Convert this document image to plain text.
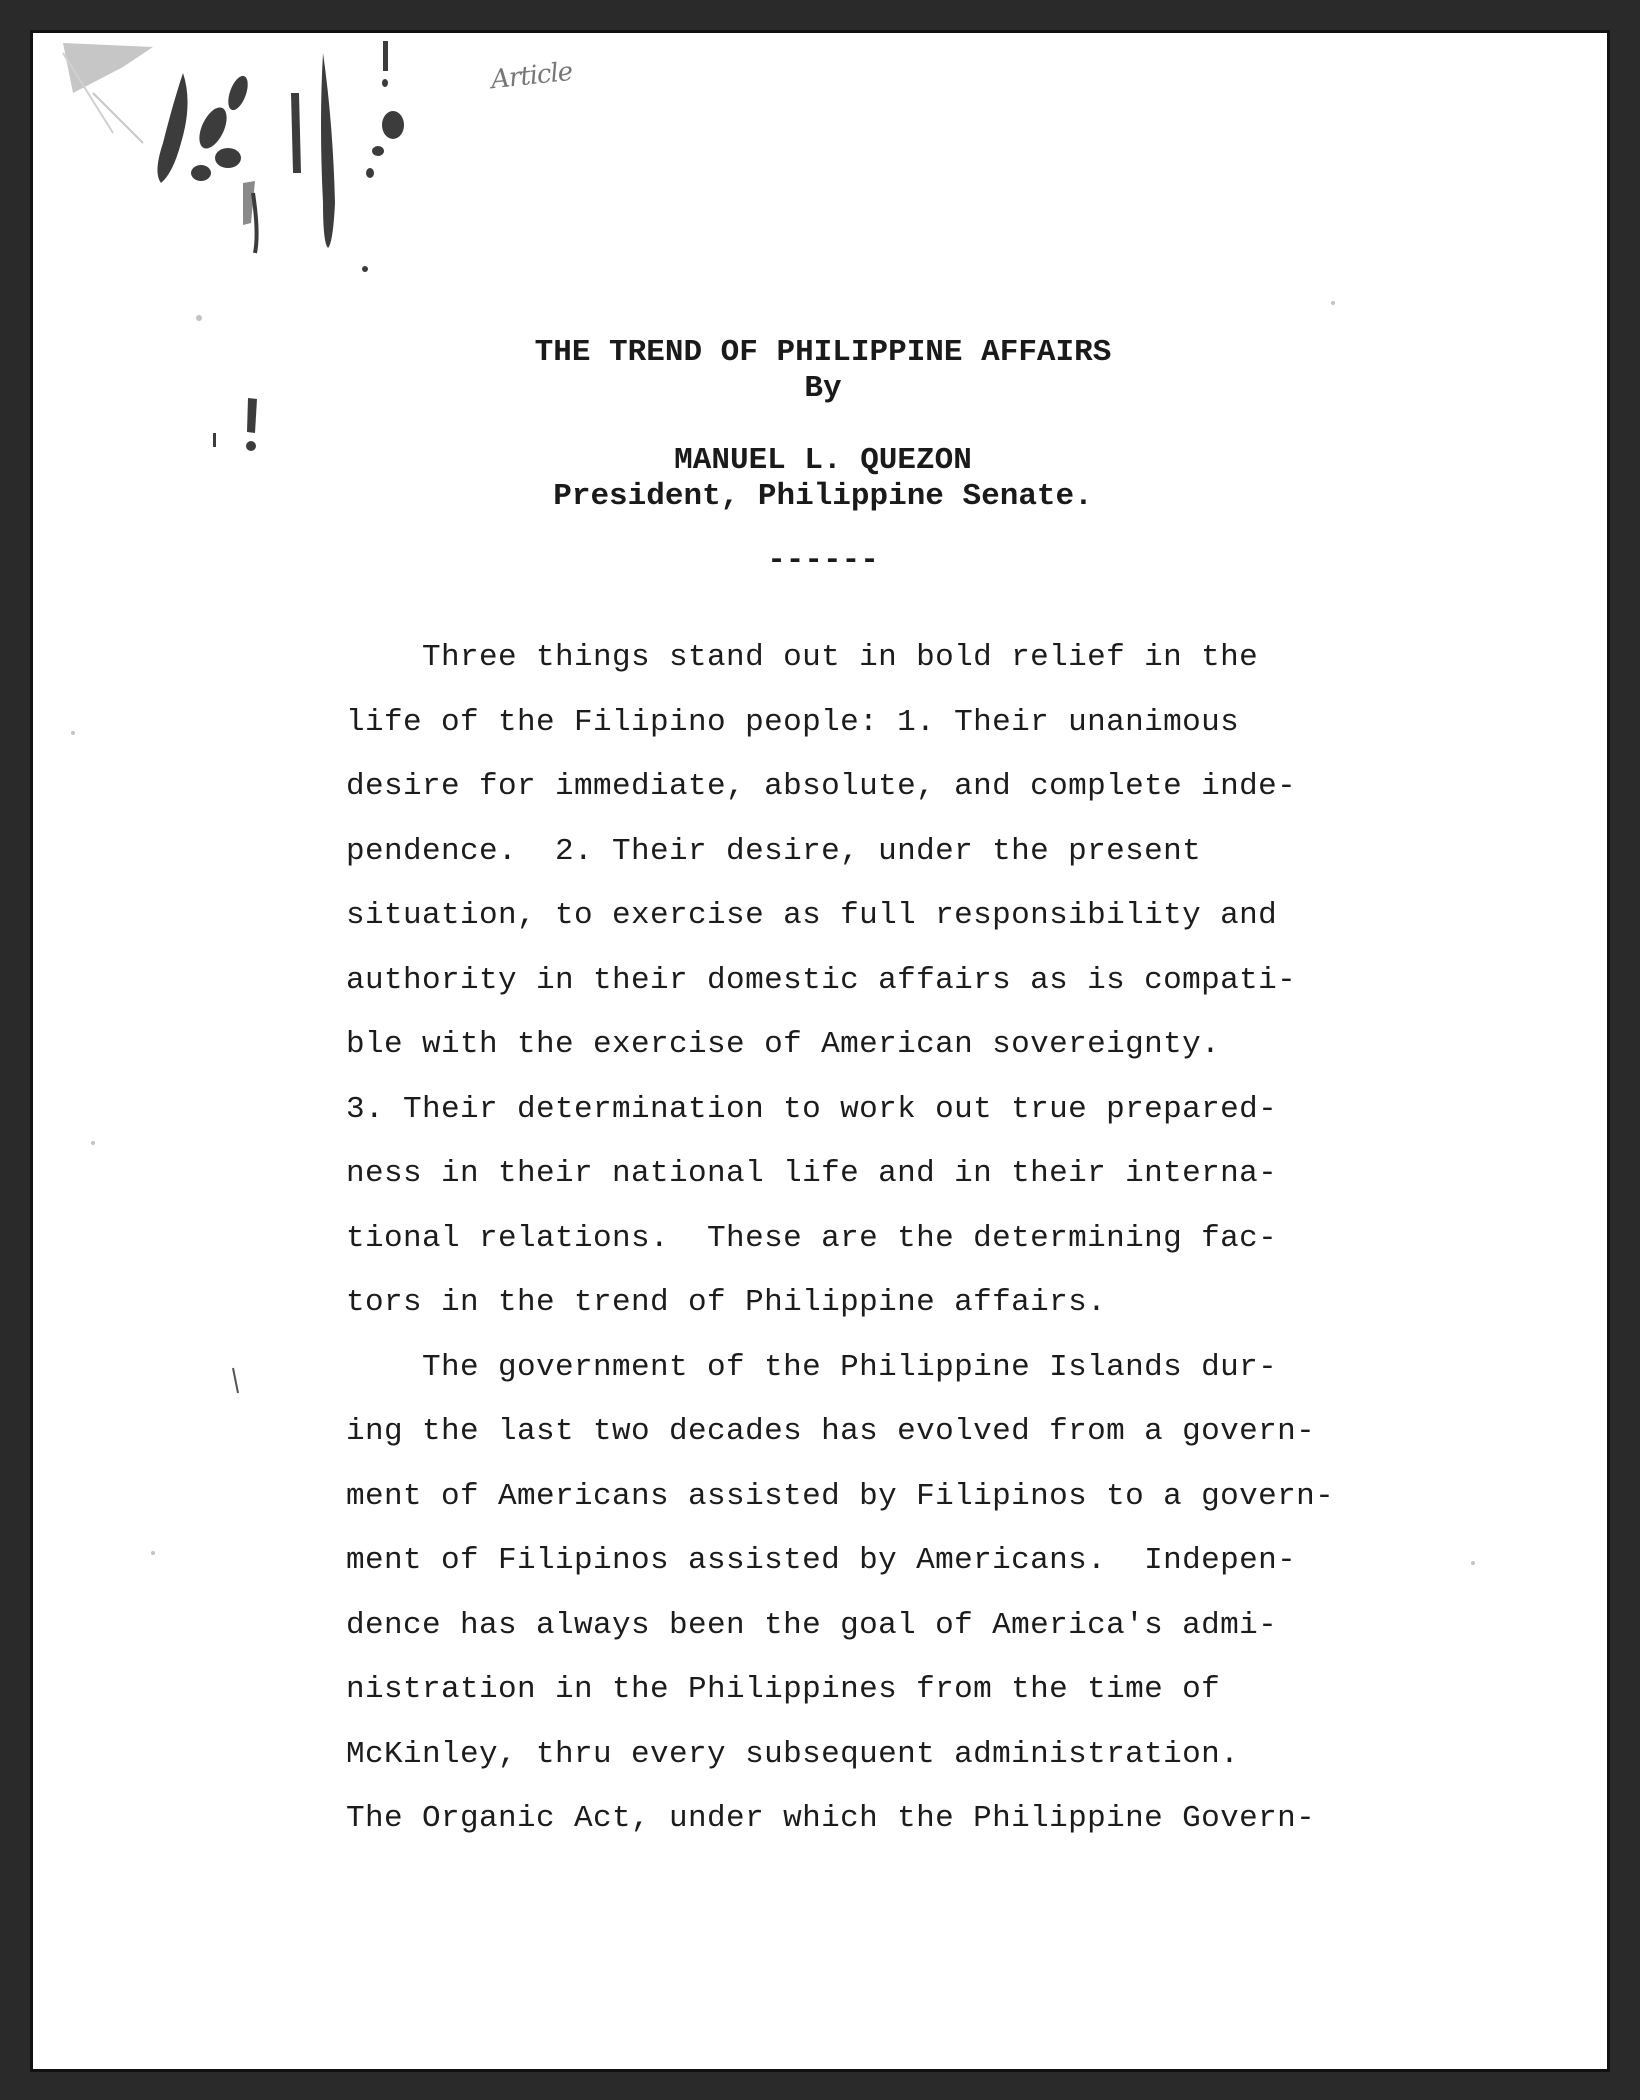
Article
THE TREND OF PHILIPPINE AFFAIRS
By
MANUEL L. QUEZON
President, Philippine Senate.
------
Three things stand out in bold relief in the
life of the Filipino people: 1. Their unanimous
desire for immediate, absolute, and complete inde-
pendence.  2. Their desire, under the present
situation, to exercise as full responsibility and
authority in their domestic affairs as is compati-
ble with the exercise of American sovereignty.
3. Their determination to work out true prepared-
ness in their national life and in their interna-
tional relations.  These are the determining fac-
tors in the trend of Philippine affairs.
The government of the Philippine Islands dur-
ing the last two decades has evolved from a govern-
ment of Americans assisted by Filipinos to a govern-
ment of Filipinos assisted by Americans.  Indepen-
dence has always been the goal of America's admi-
nistration in the Philippines from the time of
McKinley, thru every subsequent administration.
The Organic Act, under which the Philippine Govern-
